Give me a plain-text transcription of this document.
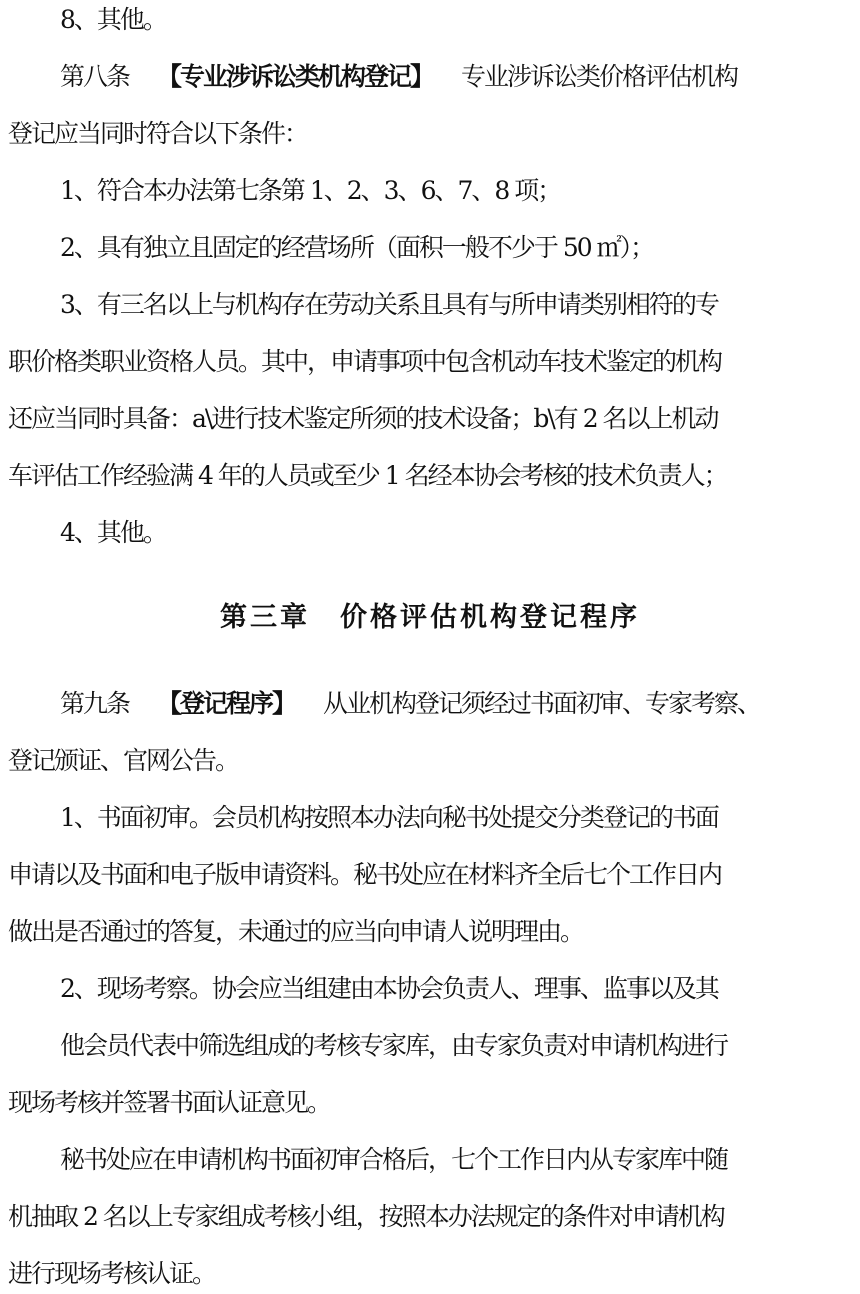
8、其他。
第八条 【专业涉诉讼类机构登记】 专业涉诉讼类价格评估机构
登记应当同时符合以下条件：
1、符合本办法第七条第 1、2、3、6、7、8 项；
2、具有独立且固定的经营场所（面积一般不少于 50 ㎡）；
3、有三名以上与机构存在劳动关系且具有与所申请类别相符的专
职价格类职业资格人员。其中，申请事项中包含机动车技术鉴定的机构
还应当同时具备：a\进行技术鉴定所须的技术设备；b\有 2 名以上机动
车评估工作经验满 4 年的人员或至少 1 名经本协会考核的技术负责人；
4、其他。
第三章　价格评估机构登记程序
第九条 【登记程序】 从业机构登记须经过书面初审、专家考察、
登记颁证、官网公告。
1、书面初审。会员机构按照本办法向秘书处提交分类登记的书面
申请以及书面和电子版申请资料。秘书处应在材料齐全后七个工作日内
做出是否通过的答复，未通过的应当向申请人说明理由。
2、现场考察。协会应当组建由本协会负责人、理事、监事以及其
他会员代表中筛选组成的考核专家库，由专家负责对申请机构进行
现场考核并签署书面认证意见。
秘书处应在申请机构书面初审合格后，七个工作日内从专家库中随
机抽取 2 名以上专家组成考核小组，按照本办法规定的条件对申请机构
进行现场考核认证。
